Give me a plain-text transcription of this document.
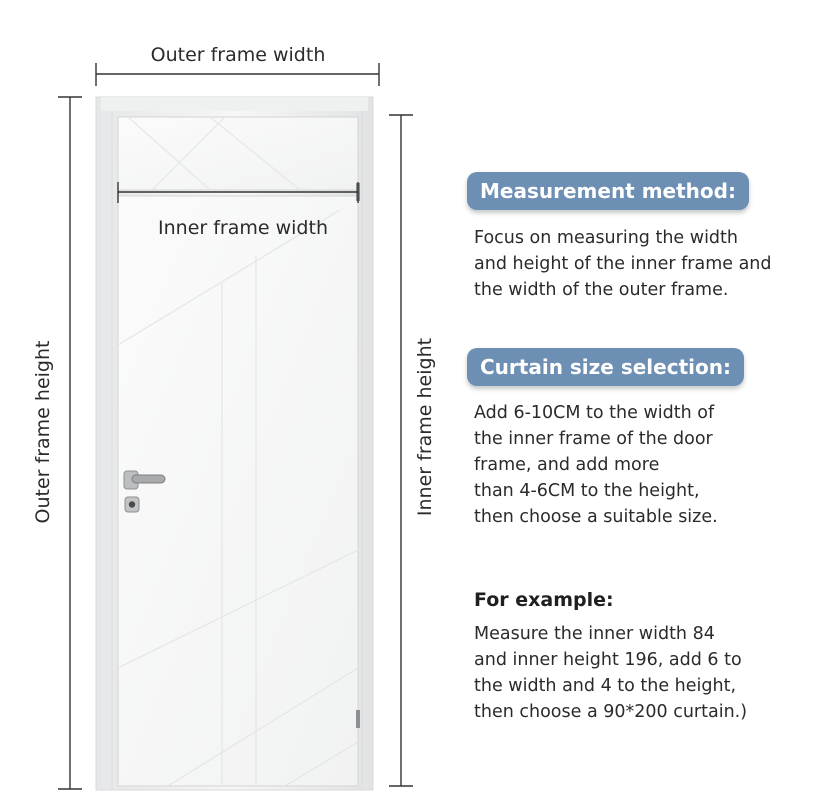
Outer frame width
Inner frame width
Outer frame height	Inner frame height
Measurement method:
Focus on measuring the width
and height of the inner frame and
the width of the outer frame.
Curtain size selection:
Add 6-10CM to the width of
the inner frame of the door
frame, and add more
than 4-6CM to the height,
then choose a suitable size.
For example:
Measure the inner width 84
and inner height 196, add 6 to
the width and 4 to the height,
then choose a 90*200 curtain.)
